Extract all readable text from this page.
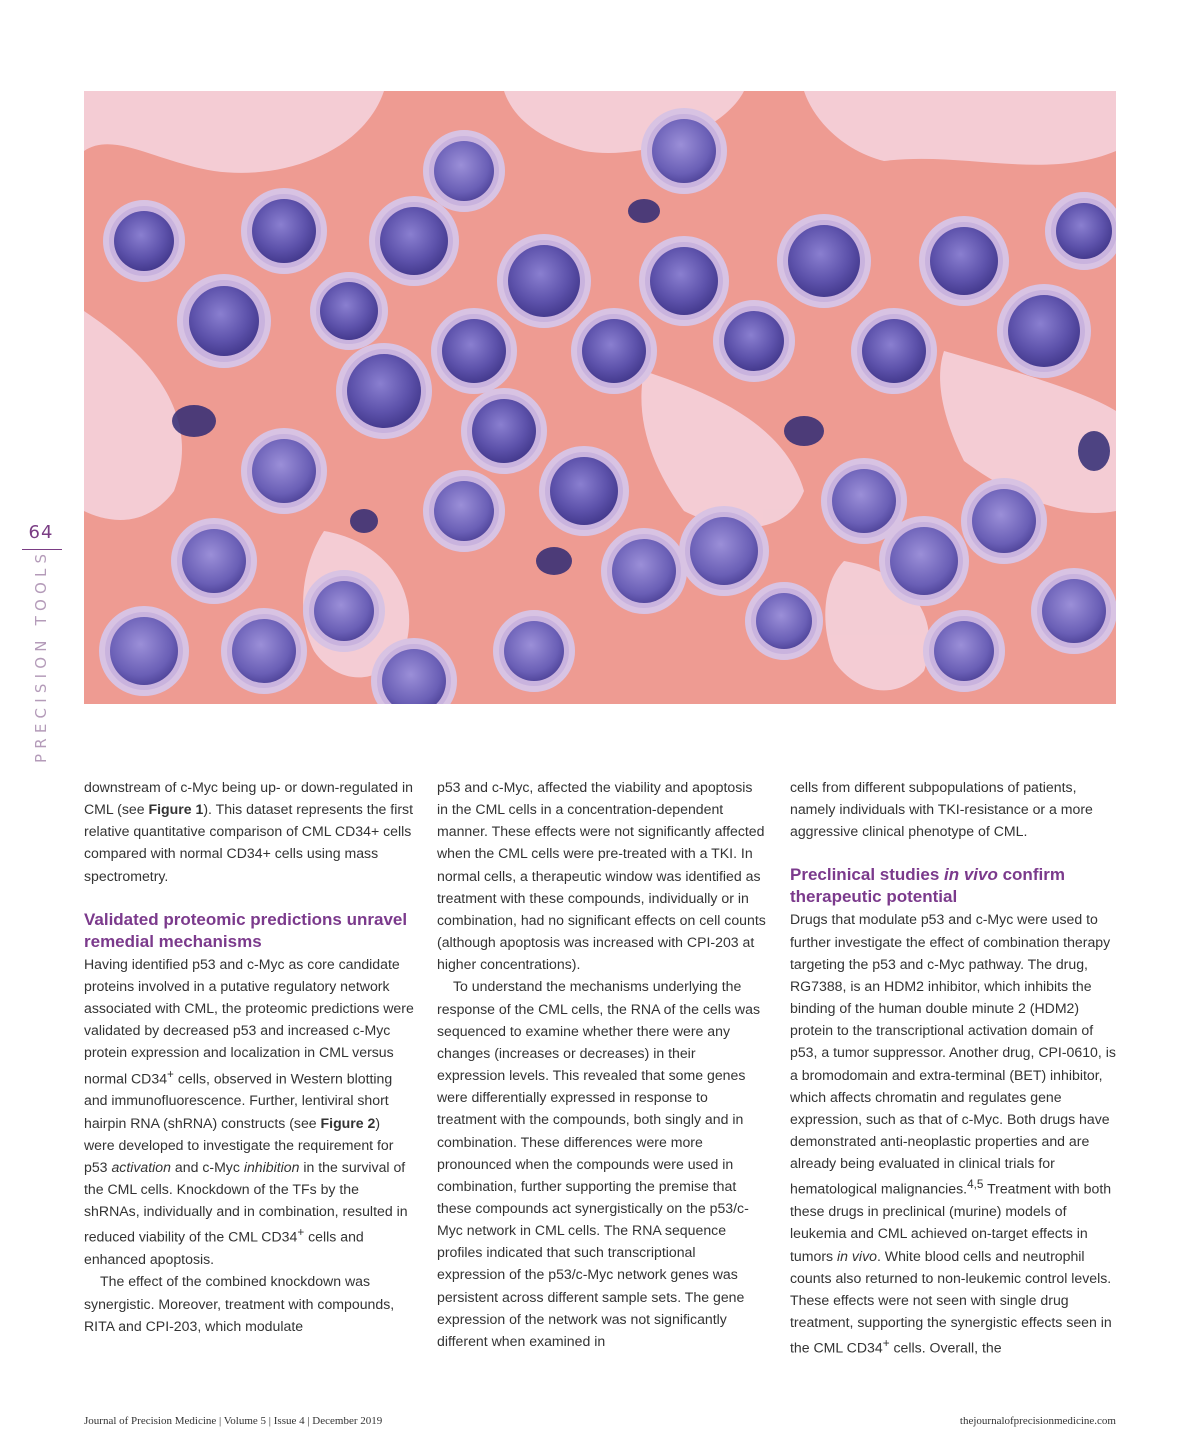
64
PRECISION TOOLS

downstream of c-Myc being up- or down-regulated in CML (see Figure 1). This dataset represents the first relative quantitative comparison of CML CD34+ cells compared with normal CD34+ cells using mass spectrometry.

Validated proteomic predictions unravel remedial mechanisms

Having identified p53 and c-Myc as core candidate proteins involved in a putative regulatory network associated with CML, the proteomic predictions were validated by decreased p53 and increased c-Myc protein expression and localization in CML versus normal CD34+ cells, observed in Western blotting and immunofluorescence. Further, lentiviral short hairpin RNA (shRNA) constructs (see Figure 2) were developed to investigate the requirement for p53 activation and c-Myc inhibition in the survival of the CML cells. Knockdown of the TFs by the shRNAs, individually and in combination, resulted in reduced viability of the CML CD34+ cells and enhanced apoptosis.

The effect of the combined knockdown was synergistic. Moreover, treatment with compounds, RITA and CPI-203, which modulate

p53 and c-Myc, affected the viability and apoptosis in the CML cells in a concentration-dependent manner. These effects were not significantly affected when the CML cells were pre-treated with a TKI. In normal cells, a therapeutic window was identified as treatment with these compounds, individually or in combination, had no significant effects on cell counts (although apoptosis was increased with CPI-203 at higher concentrations).

To understand the mechanisms underlying the response of the CML cells, the RNA of the cells was sequenced to examine whether there were any changes (increases or decreases) in their expression levels. This revealed that some genes were differentially expressed in response to treatment with the compounds, both singly and in combination. These differences were more pronounced when the compounds were used in combination, further supporting the premise that these compounds act synergistically on the p53/c-Myc network in CML cells. The RNA sequence profiles indicated that such transcriptional expression of the p53/c-Myc network genes was persistent across different sample sets. The gene expression of the network was not significantly different when examined in

cells from different subpopulations of patients, namely individuals with TKI-resistance or a more aggressive clinical phenotype of CML.

Preclinical studies in vivo confirm therapeutic potential

Drugs that modulate p53 and c-Myc were used to further investigate the effect of combination therapy targeting the p53 and c-Myc pathway. The drug, RG7388, is an HDM2 inhibitor, which inhibits the binding of the human double minute 2 (HDM2) protein to the transcriptional activation domain of p53, a tumor suppressor. Another drug, CPI-0610, is a bromodomain and extra-terminal (BET) inhibitor, which affects chromatin and regulates gene expression, such as that of c-Myc. Both drugs have demonstrated anti-neoplastic properties and are already being evaluated in clinical trials for hematological malignancies.$^{4,5}$ Treatment with both these drugs in preclinical (murine) models of leukemia and CML achieved on-target effects in tumors in vivo. White blood cells and neutrophil counts also returned to non-leukemic control levels. These effects were not seen with single drug treatment, supporting the synergistic effects seen in the CML CD34+ cells. Overall, the

Journal of Precision Medicine | Volume 5 | Issue 4 | December 2019	thejournalofprecisionmedicine.com
